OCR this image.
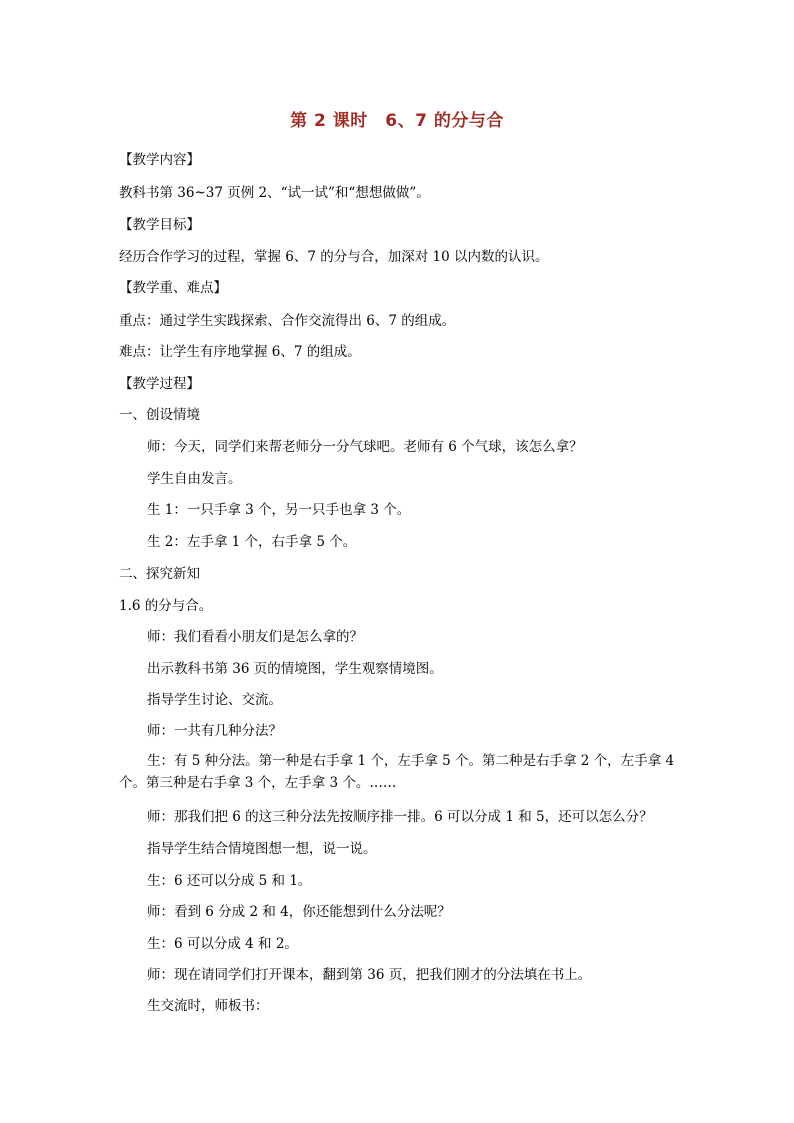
第 2 课时　6、7 的分与合
【教学内容】
教科书第 36~37 页例 2、“试一试”和“想想做做”。
【教学目标】
经历合作学习的过程，掌握 6、7 的分与合，加深对 10 以内数的认识。
【教学重、难点】
重点：通过学生实践探索、合作交流得出 6、7 的组成。
难点：让学生有序地掌握 6、7 的组成。
【教学过程】
一、创设情境
师：今天，同学们来帮老师分一分气球吧。老师有 6 个气球，该怎么拿？
学生自由发言。
生 1：一只手拿 3 个，另一只手也拿 3 个。
生 2：左手拿 1 个，右手拿 5 个。
二、探究新知
1.6 的分与合。
师：我们看看小朋友们是怎么拿的？
出示教科书第 36 页的情境图，学生观察情境图。
指导学生讨论、交流。
师：一共有几种分法？
生：有 5 种分法。第一种是右手拿 1 个，左手拿 5 个。第二种是右手拿 2 个，左手拿 4 个。第三种是右手拿 3 个，左手拿 3 个。……
师：那我们把 6 的这三种分法先按顺序排一排。6 可以分成 1 和 5，还可以怎么分？
指导学生结合情境图想一想，说一说。
生：6 还可以分成 5 和 1。
师：看到 6 分成 2 和 4，你还能想到什么分法呢？
生：6 可以分成 4 和 2。
师：现在请同学们打开课本，翻到第 36 页，把我们刚才的分法填在书上。
生交流时，师板书：
